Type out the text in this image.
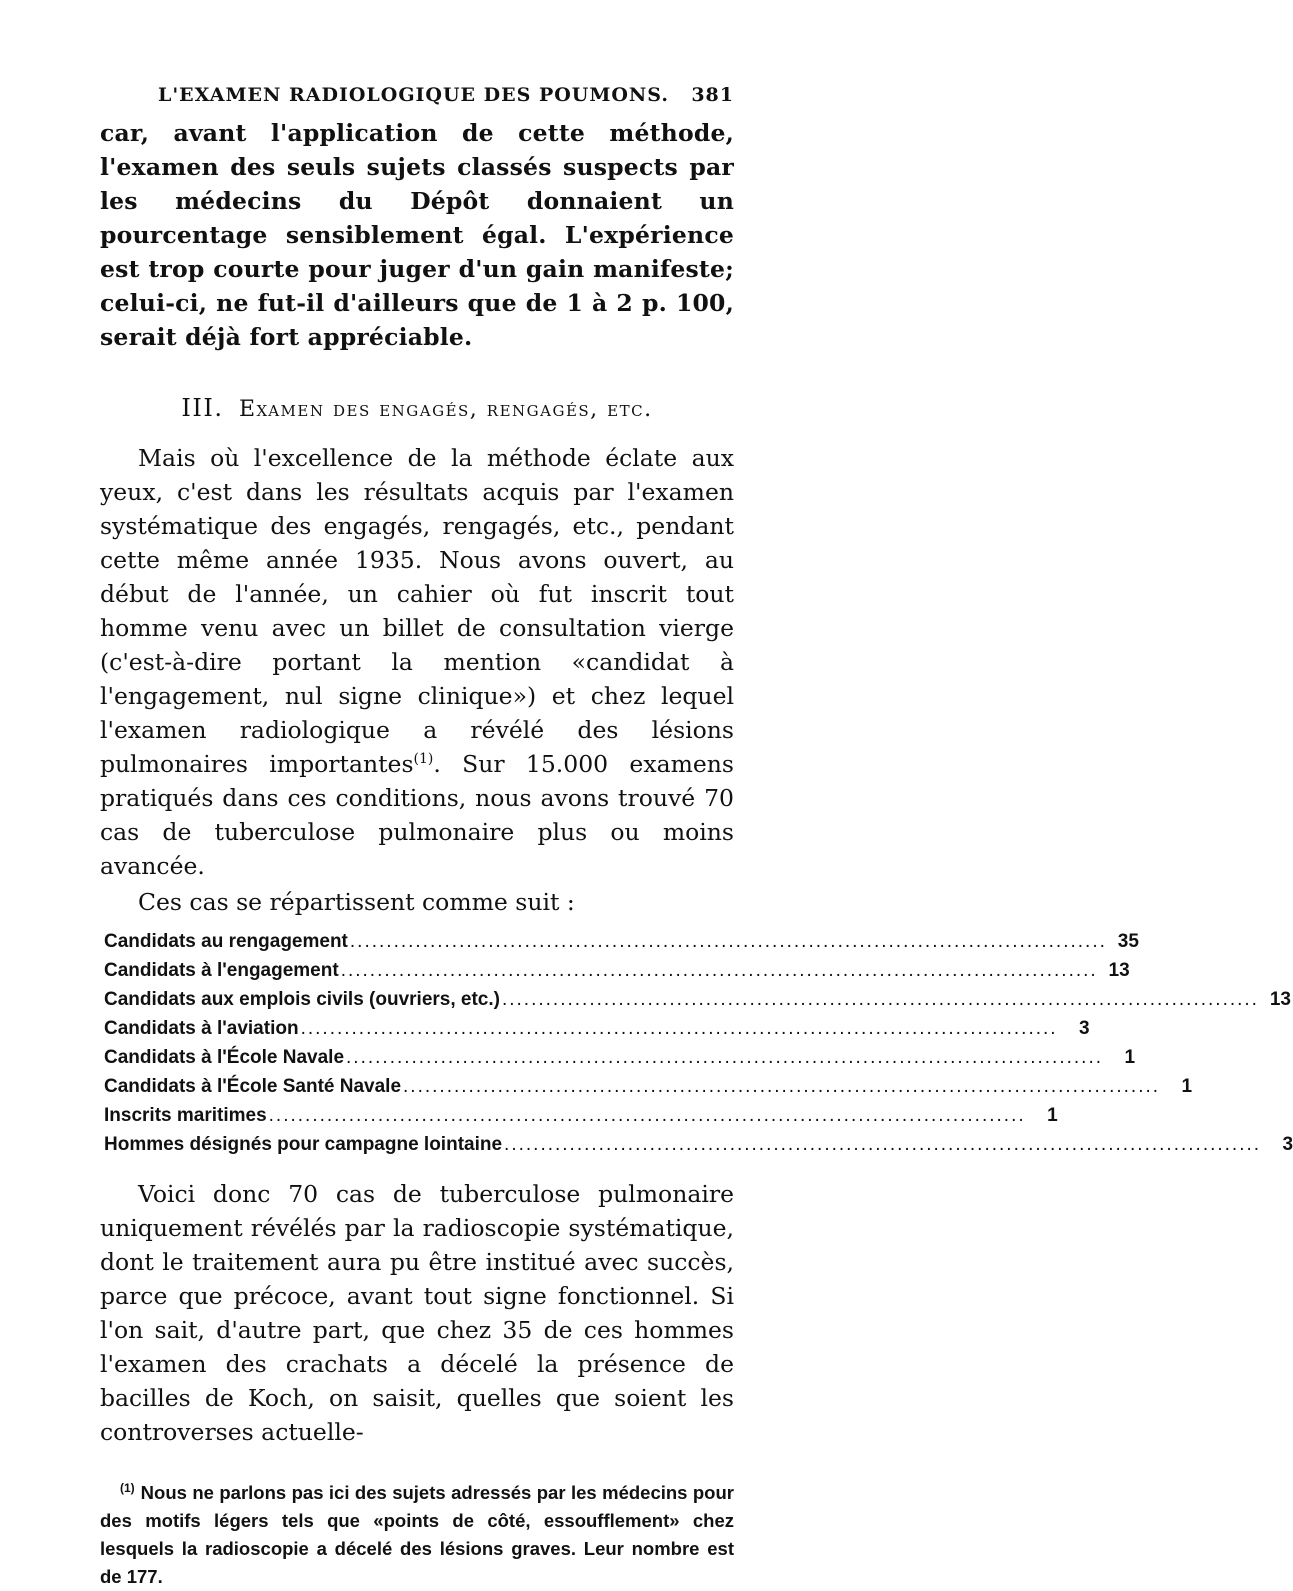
L'EXAMEN RADIOLOGIQUE DES POUMONS. 381

car, avant l'application de cette méthode, l'examen des seuls sujets classés suspects par les médecins du Dépôt donnaient un pourcentage sensiblement égal. L'expérience est trop courte pour juger d'un gain manifeste; celui-ci, ne fut-il d'ailleurs que de 1 à 2 p. 100, serait déjà fort appréciable.

III. Examen des engagés, rengagés, etc.

Mais où l'excellence de la méthode éclate aux yeux, c'est dans les résultats acquis par l'examen systématique des engagés, rengagés, etc., pendant cette même année 1935. Nous avons ouvert, au début de l'année, un cahier où fut inscrit tout homme venu avec un billet de consultation vierge (c'est-à-dire portant la mention «candidat à l'engagement, nul signe clinique») et chez lequel l'examen radiologique a révélé des lésions pulmonaires importantes$^{(1)}$. Sur 15.000 examens pratiqués dans ces conditions, nous avons trouvé 70 cas de tuberculose pulmonaire plus ou moins avancée.

Ces cas se répartissent comme suit :

Candidats au rengagement ........................................................................................................ 35
Candidats à l'engagement ........................................................................................................ 13
Candidats aux emplois civils (ouvriers, etc.) ........................................................................................................ 13
Candidats à l'aviation ........................................................................................................	3
Candidats à l'École Navale ........................................................................................................	1
Candidats à l'École Santé Navale ........................................................................................................	1
Inscrits maritimes ........................................................................................................	1
Hommes désignés pour campagne lointaine ........................................................................................................	3

Voici donc 70 cas de tuberculose pulmonaire uniquement révélés par la radioscopie systématique, dont le traitement aura pu être institué avec succès, parce que précoce, avant tout signe fonctionnel. Si l'on sait, d'autre part, que chez 35 de ces hommes l'examen des crachats a décelé la présence de bacilles de Koch, on saisit, quelles que soient les controverses actuelle-

$^{(1)}$ Nous ne parlons pas ici des sujets adressés par les médecins pour des motifs légers tels que «points de côté, essoufflement» chez lesquels la radioscopie a décelé des lésions graves. Leur nombre est de 177.
